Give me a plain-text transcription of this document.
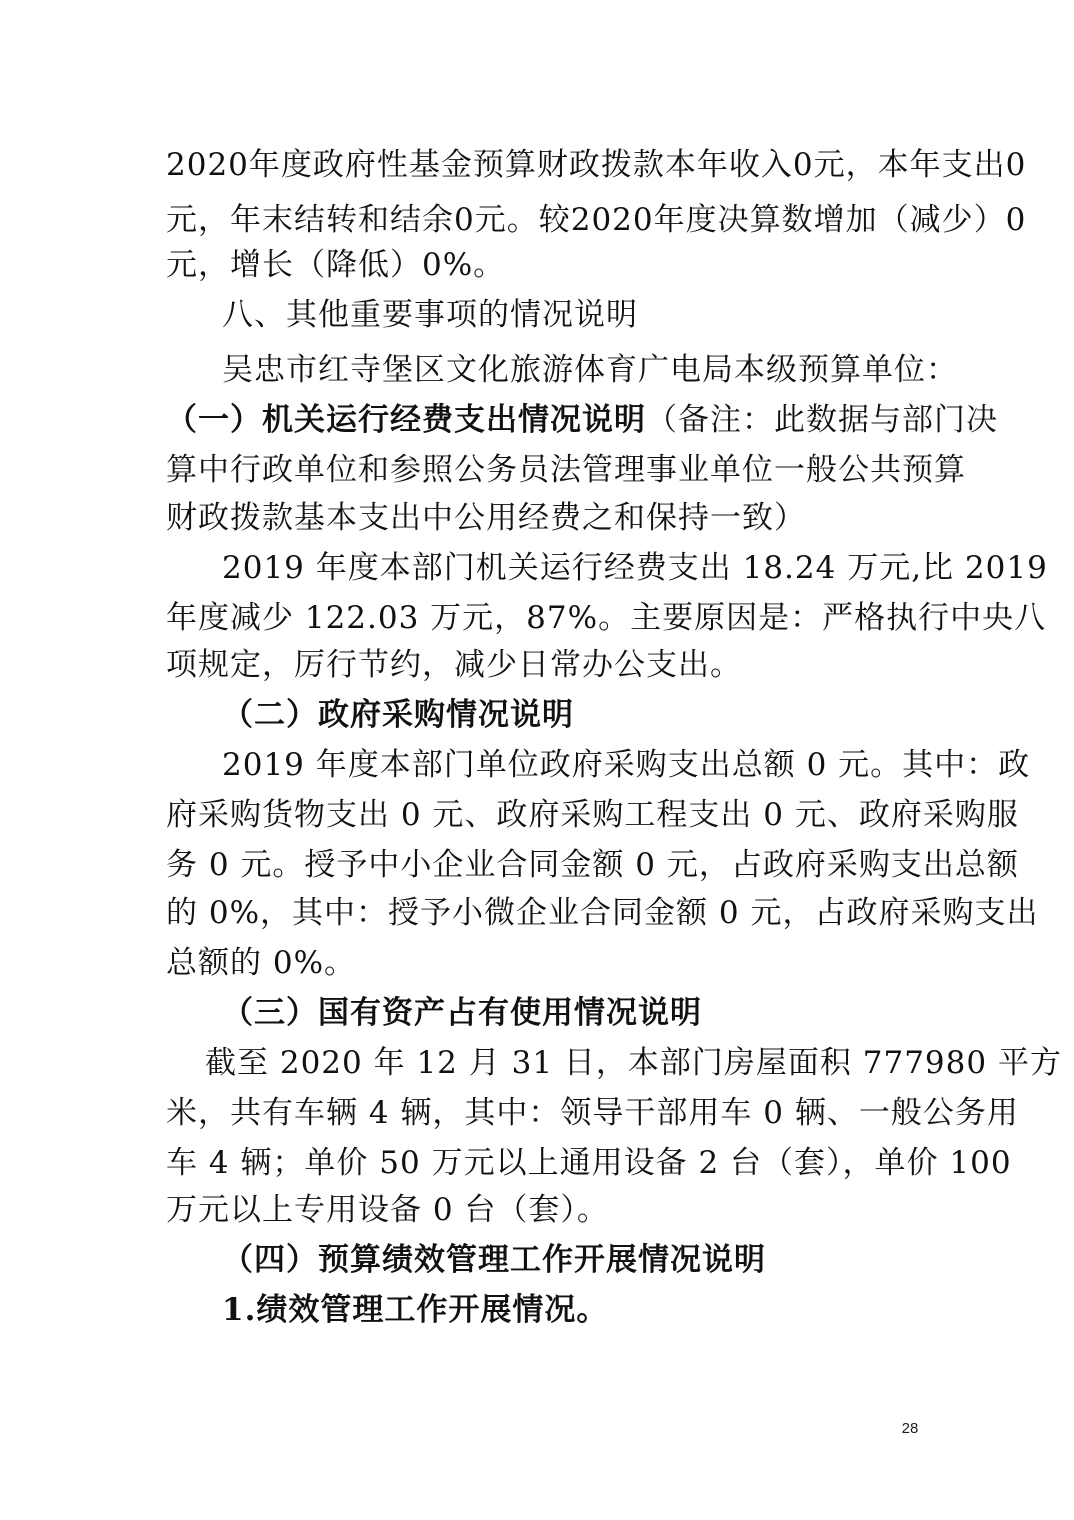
2020年度政府性基金预算财政拨款本年收入0元，本年支出0
元，年末结转和结余0元。较2020年度决算数增加（减少）0
元，增长（降低）0%。
八、其他重要事项的情况说明
吴忠市红寺堡区文化旅游体育广电局本级预算单位：
（一）机关运行经费支出情况说明（备注：此数据与部门决
算中行政单位和参照公务员法管理事业单位一般公共预算
财政拨款基本支出中公用经费之和保持一致）
2019 年度本部门机关运行经费支出 18.24 万元,比 2019
年度减少 122.03 万元，87%。主要原因是：严格执行中央八
项规定，厉行节约，减少日常办公支出。
（二）政府采购情况说明
2019 年度本部门单位政府采购支出总额 0 元。其中：政
府采购货物支出 0 元、政府采购工程支出 0 元、政府采购服
务 0 元。授予中小企业合同金额 0 元，占政府采购支出总额
的 0%，其中：授予小微企业合同金额 0 元，占政府采购支出
总额的 0%。
（三）国有资产占有使用情况说明
截至 2020 年 12 月 31 日，本部门房屋面积 777980 平方
米，共有车辆 4 辆，其中：领导干部用车 0 辆、一般公务用
车 4 辆；单价 50 万元以上通用设备 2 台（套），单价 100
万元以上专用设备 0 台（套）。
（四）预算绩效管理工作开展情况说明
1.绩效管理工作开展情况。
28
